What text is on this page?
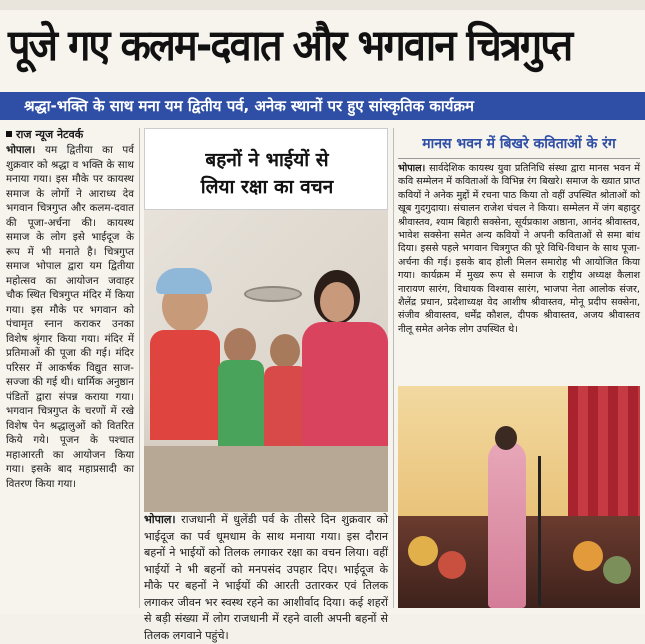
पूजे गए कलम-दवात और भगवान चित्रगुप्त
श्रद्धा-भक्ति के साथ मना यम द्वितीय पर्व, अनेक स्थानों पर हुए सांस्कृतिक कार्यक्रम
राज न्यूज नेटवर्क
भोपाल। यम द्वितीया का पर्व शुक्रवार को श्रद्धा व भक्ति के साथ मनाया गया। इस मौके पर कायस्थ समाज के लोगों ने आराध्य देव भगवान चित्रगुप्त और कलम-दवात की पूजा-अर्चना की। कायस्थ समाज के लोग इसे भाईदूज के रूप में भी मनाते है। चित्रगुप्त समाज भोपाल द्वारा यम द्वितीया महोत्सव का आयोजन जवाहर चौक स्थित चित्रगुप्त मंदिर में किया गया। इस मौके पर भगवान को पंचामृत स्नान कराकर उनका विशेष श्रृंगार किया गया। मंदिर में प्रतिमाओं की पूजा की गई। मंदिर परिसर में आकर्षक विद्युत साज-सज्जा की गई थी। धार्मिक अनुष्ठान पंडितों द्वारा संपन्न कराया गया। भगवान चित्रगुप्त के चरणों में रखे विशेष पेन श्रद्धालुओं को वितरित किये गये। पूजन के पश्चात महाआरती का आयोजन किया गया। इसके बाद महाप्रसादी का वितरण किया गया।
बहनों ने भाईयों से
लिया रक्षा का वचन
भोपाल। राजधानी में धुलेंडी पर्व के तीसरे दिन शुक्रवार को भाईदूज का पर्व धूमधाम के साथ मनाया गया। इस दौरान बहनों ने भाईयों को तिलक लगाकर रक्षा का वचन लिया। वहीं भाईयों ने भी बहनों को मनपसंद उपहार दिए। भाईदूज के मौके पर बहनों ने भाईयों की आरती उतारकर एवं तिलक लगाकर जीवन भर स्वस्थ रहने का आशीर्वाद दिया। कई शहरों से बड़ी संख्या में लोग राजधानी में रहने वाली अपनी बहनों से तिलक लगवाने पहुंचे।
मानस भवन में बिखरे कविताओं के रंग
भोपाल। सार्वदेशिक कायस्थ युवा प्रतिनिधि संस्था द्वारा मानस भवन में कवि सम्मेलन में कविताओं के विभिन्न रंग बिखरे। समाज के ख्यात प्राप्त कवियों ने अनेक मुद्दों में रचना पाठ किया तो वहीं उपस्थित श्रोताओं को खूब गुदगुदाया। संचालन राजेश चंचल ने किया। सम्मेलन में जंग बहादुर श्रीवास्तव, श्याम बिहारी सक्सेना, सूर्यप्रकाश अष्ठाना, आनंद श्रीवास्तव, भावेश सक्सेना समेत अन्य कवियों ने अपनी कविताओं से समा बांध दिया। इससे पहले भगवान चित्रगुप्त की पूरे विधि-विधान के साथ पूजा-अर्चना की गई। इसके बाद होली मिलन समारोह भी आयोजित किया गया। कार्यक्रम में मुख्य रूप से समाज के राष्ट्रीय अध्यक्ष कैलाश नारायण सारंग, विधायक विश्वास सारंग, भाजपा नेता आलोक संजर, शैलेंद्र प्रधान, प्रदेशाध्यक्ष वेद आशीष श्रीवास्तव, मोनू प्रदीप सक्सेना, संजीव श्रीवास्तव, धर्मेंद्र कौशल, दीपक श्रीवास्तव, अजय श्रीवास्तव नीलू समेत अनेक लोग उपस्थित थे।
